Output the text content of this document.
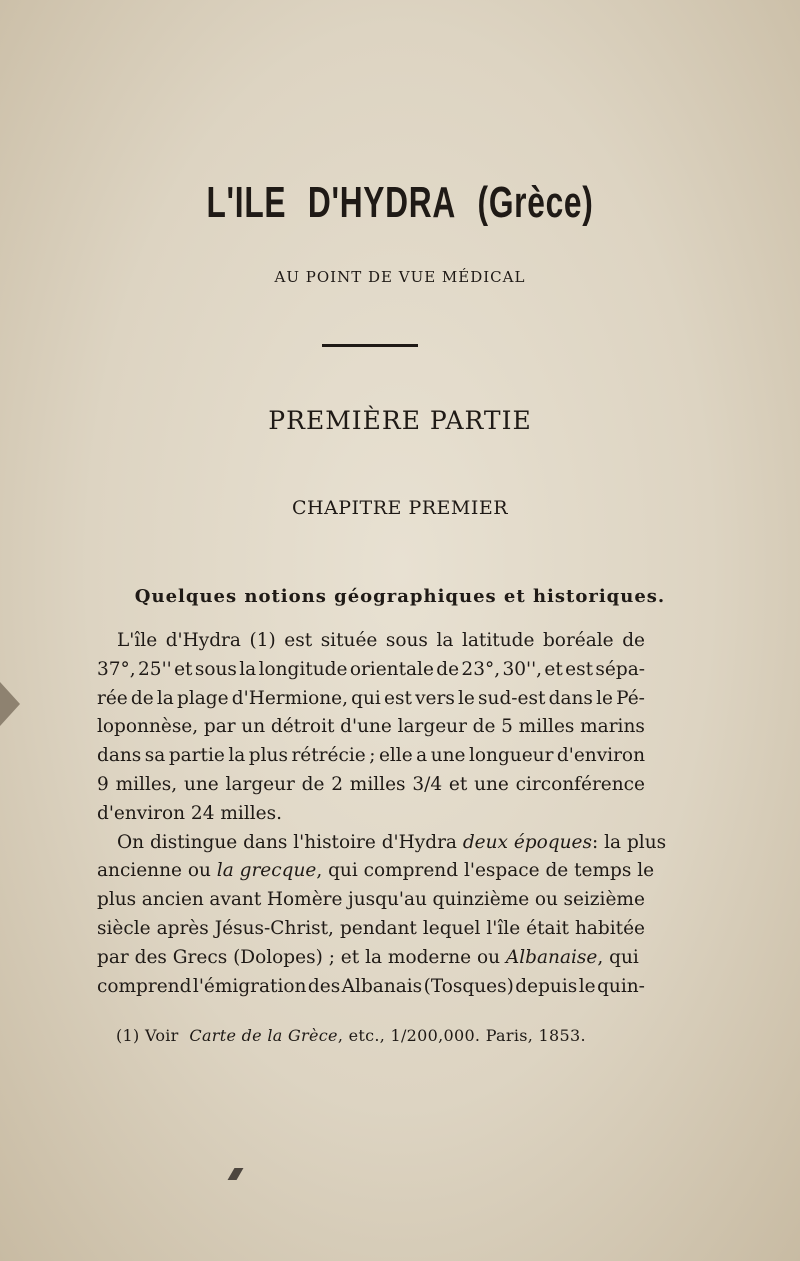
L'ILE D'HYDRA (Grèce)
AU POINT DE VUE MÉDICAL
PREMIÈRE PARTIE
CHAPITRE PREMIER
Quelques notions géographiques et historiques.
L'île d'Hydra (1) est située sous la latitude boréale de
37°, 25'' et sous la longitude orientale de 23°, 30'', et est sépa-
rée de la plage d'Hermione, qui est vers le sud-est dans le Pé-
loponnèse, par un détroit d'une largeur de 5 milles marins
dans sa partie la plus rétrécie ; elle a une longueur d'environ
9 milles, une largeur de 2 milles 3/4 et une circonférence
d'environ 24 milles.
On distingue dans l'histoire d'Hydra
deux époques : la plus
ancienne ou
la grecque , qui comprend l'espace de temps le
plus ancien avant Homère jusqu'au quinzième ou seizième
siècle après Jésus-Christ, pendant lequel l'île était habitée
par des Grecs (Dolopes) ; et la moderne ou
Albanaise , qui
comprend l'émigration des Albanais (Tosques) depuis le quin-
(1) Voir  Carte de la Grèce, etc., 1/200,000. Paris, 1853.
